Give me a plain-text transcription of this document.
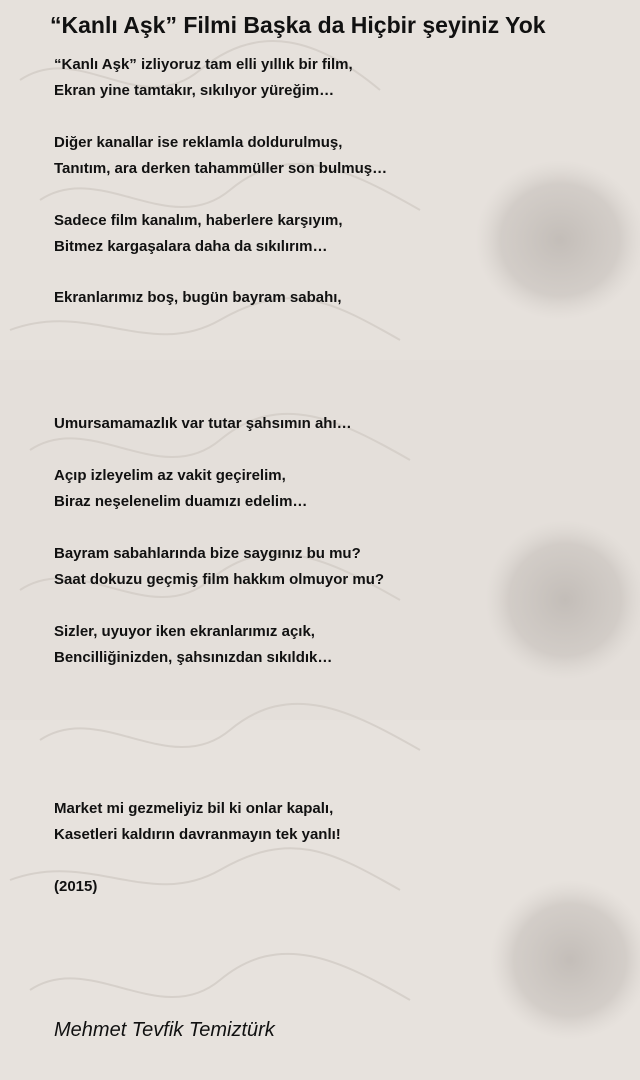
“Kanlı Aşk” Filmi Başka da Hiçbir şeyiniz Yok
“Kanlı Aşk” izliyoruz tam elli yıllık bir film,
Ekran yine tamtakır, sıkılıyor yüreğim…
Diğer kanallar ise reklamla doldurulmuş,
Tanıtım, ara derken tahammüller son bulmuş…
Sadece film kanalım, haberlere karşıyım,
Bitmez kargaşalara daha da sıkılırım…
Ekranlarımız boş, bugün bayram sabahı,
Umursamamazlık var tutar şahsımın ahı…
Açıp izleyelim az vakit geçirelim,
Biraz neşelenelim duamızı edelim…
Bayram sabahlarında bize saygınız bu mu?
Saat dokuzu geçmiş film hakkım olmuyor mu?
Sizler, uyuyor iken ekranlarımız açık,
Bencilliğinizden, şahsınızdan sıkıldık…
Market mi gezmeliyiz bil ki onlar kapalı,
Kasetleri kaldırın davranmayın tek yanlı!
(2015)
Mehmet Tevfik Temiztürk
